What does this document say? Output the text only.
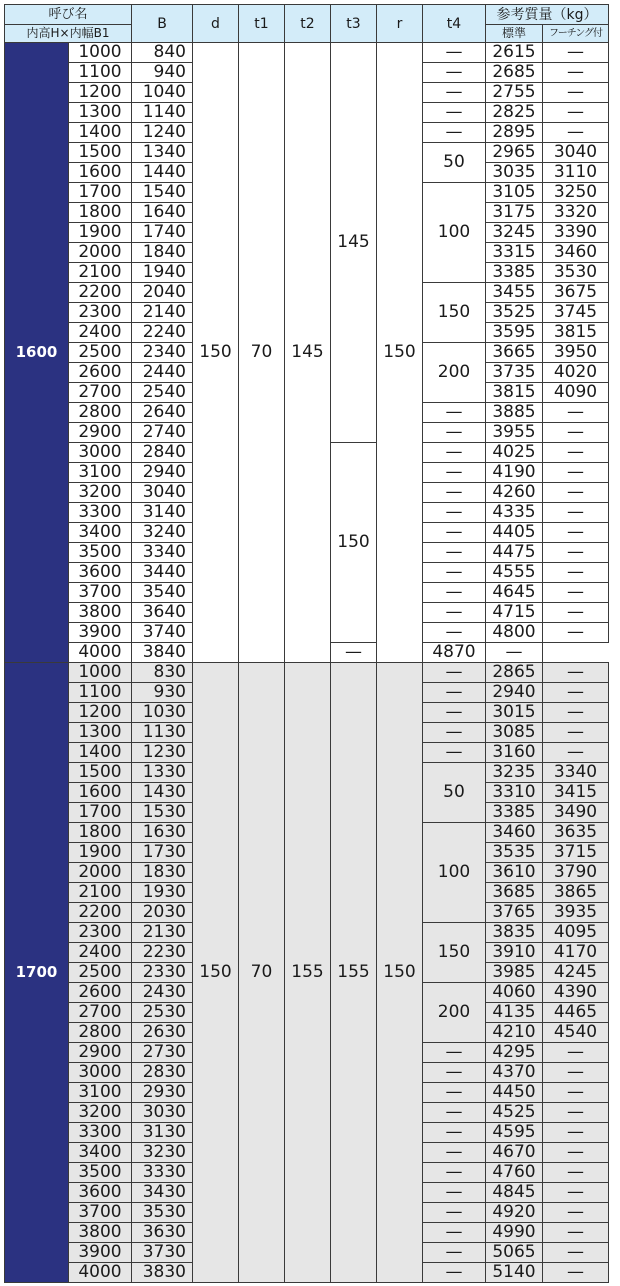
呼び名		B	d	t1	t2	t3	r	t4	参考質量（kg）	
内高H×内幅B1									標準	フーチング付
1600	1000	840	150	70	145	145	150	—	2615	—
	1100	940						—	2685	—
	1200	1040						—	2755	—
	1300	1140						—	2825	—
	1400	1240						—	2895	—
	1500	1340						50	2965	3040
	1600	1440							3035	3110
	1700	1540						100	3105	3250
	1800	1640							3175	3320
	1900	1740							3245	3390
	2000	1840							3315	3460
	2100	1940							3385	3530
	2200	2040						150	3455	3675
	2300	2140							3525	3745
	2400	2240							3595	3815
	2500	2340						200	3665	3950
	2600	2440							3735	4020
	2700	2540							3815	4090
	2800	2640						—	3885	—
	2900	2740						—	3955	—
	3000	2840				150		—	4025	—
	3100	2940						—	4190	—
	3200	3040						—	4260	—
	3300	3140						—	4335	—
	3400	3240						—	4405	—
	3500	3340						—	4475	—
	3600	3440						—	4555	—
	3700	3540						—	4645	—
	3800	3640						—	4715	—
	3900	3740						—	4800	—
	4000	3840				—		4870	—	
1700	1000	830	150	70	155	155	150	—	2865	—
	1100	930						—	2940	—
	1200	1030						—	3015	—
	1300	1130						—	3085	—
	1400	1230						—	3160	—
	1500	1330						50	3235	3340
	1600	1430							3310	3415
	1700	1530							3385	3490
	1800	1630						100	3460	3635
	1900	1730							3535	3715
	2000	1830							3610	3790
	2100	1930							3685	3865
	2200	2030							3765	3935
	2300	2130						150	3835	4095
	2400	2230							3910	4170
	2500	2330							3985	4245
	2600	2430						200	4060	4390
	2700	2530							4135	4465
	2800	2630							4210	4540
	2900	2730						—	4295	—
	3000	2830						—	4370	—
	3100	2930						—	4450	—
	3200	3030						—	4525	—
	3300	3130						—	4595	—
	3400	3230						—	4670	—
	3500	3330						—	4760	—
	3600	3430						—	4845	—
	3700	3530						—	4920	—
	3800	3630						—	4990	—
	3900	3730						—	5065	—
	4000	3830						—	5140	—
